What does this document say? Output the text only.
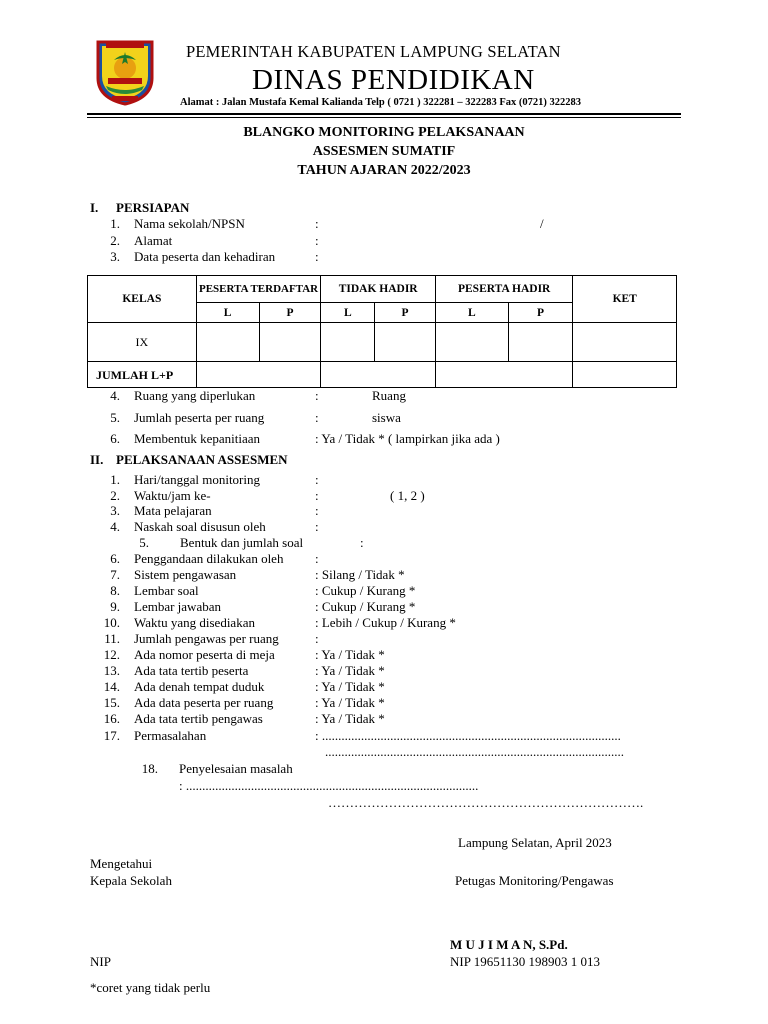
PEMERINTAH KABUPATEN LAMPUNG SELATAN
DINAS PENDIDIKAN
Alamat : Jalan Mustafa Kemal Kalianda Telp ( 0721 ) 322281 – 322283 Fax (0721) 322283
BLANGKO MONITORING PELAKSANAAN
ASSESMEN SUMATIF
TAHUN AJARAN 2022/2023
I. PERSIAPAN
1. Nama sekolah/NPSN	:	/
2. Alamat	:
3. Data peserta dan kehadiran	:
KELAS	PESERTA TERDAFTAR		TIDAK HADIR		PESERTA HADIR		KET
	L	P	L	P	L	P	
IX							
JUMLAH L+P							
4. Ruang yang diperlukan	:	Ruang
5. Jumlah peserta per ruang	:	siswa
6. Membentuk kepanitiaan	: Ya / Tidak * ( lampirkan jika ada )
II. PELAKSANAAN ASSESMEN
1. Hari/tanggal monitoring	:
2. Waktu/jam ke-	:	( 1, 2 )
3. Mata pelajaran	:
4. Naskah soal disusun oleh	:
5. Bentuk dan jumlah soal	:
6. Penggandaan dilakukan oleh :
7. Sistem pengawasan	: Silang / Tidak *
8. Lembar soal	: Cukup / Kurang *
9. Lembar jawaban	: Cukup / Kurang *
10. Waktu yang disediakan	: Lebih / Cukup / Kurang *
11. Jumlah pengawas per ruang	:
12. Ada nomor peserta di meja	: Ya / Tidak *
13. Ada tata tertib peserta	: Ya / Tidak *
14. Ada denah tempat duduk	: Ya / Tidak *
15. Ada data peserta per ruang	: Ya / Tidak *
16. Ada tata tertib pengawas	: Ya / Tidak *
17. Permasalahan	: ............................................................................................
............................................................................................
18. Penyelesaian masalah
: ..........................................................................................
……………………………………………………………….
Lampung Selatan, April 2023
Mengetahui
Kepala Sekolah	Petugas Monitoring/Pengawas
M U J I M A N, S.Pd.
NIP	NIP 19651130 198903 1 013
*coret yang tidak perlu
